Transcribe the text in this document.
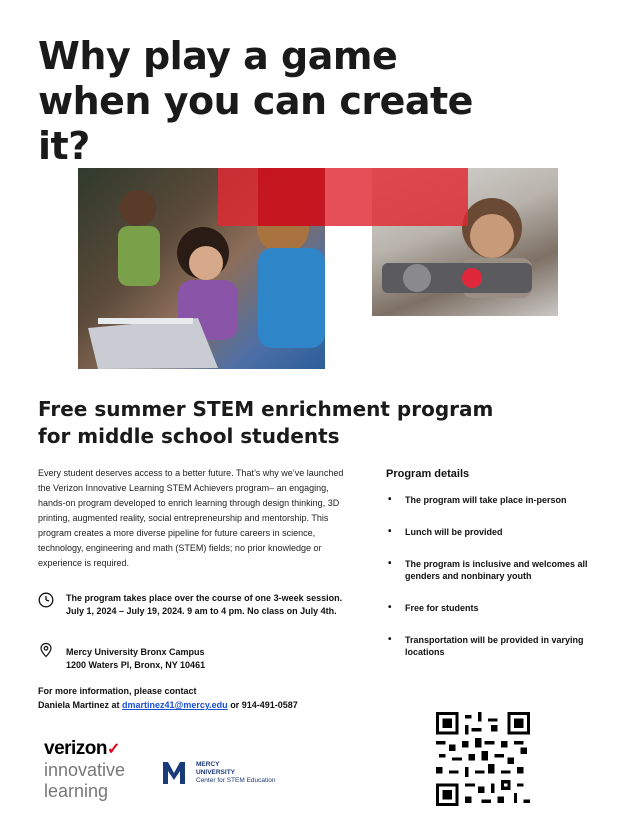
Why play a game when you can create it?
Free summer STEM enrichment program for middle school students

Every student deserves access to a better future. That’s why we’ve launched the Verizon Innovative Learning STEM Achievers program– an engaging, hands-on program developed to enrich learning through design thinking, 3D printing, augmented reality, social entrepreneurship and mentorship. This program creates a more diverse pipeline for future careers in science, technology, engineering and math (STEM) fields; no prior knowledge or experience is required.

The program takes place over the course of one 3-week session. July 1, 2024 – July 19, 2024. 9 am to 4 pm. No class on July 4th.
Mercy University Bronx Campus
1200 Waters Pl, Bronx, NY 10461
For more information, please contact
Daniela Martinez at dmartinez41@mercy.edu or 914-491-0587
Program details
• The program will take place in-person
• Lunch will be provided
• The program is inclusive and welcomes all genders and nonbinary youth
• Free for students
• Transportation will be provided in varying locations
verizon✓
innovative
learning
MERCY
UNIVERSITY
Center for STEM Education
